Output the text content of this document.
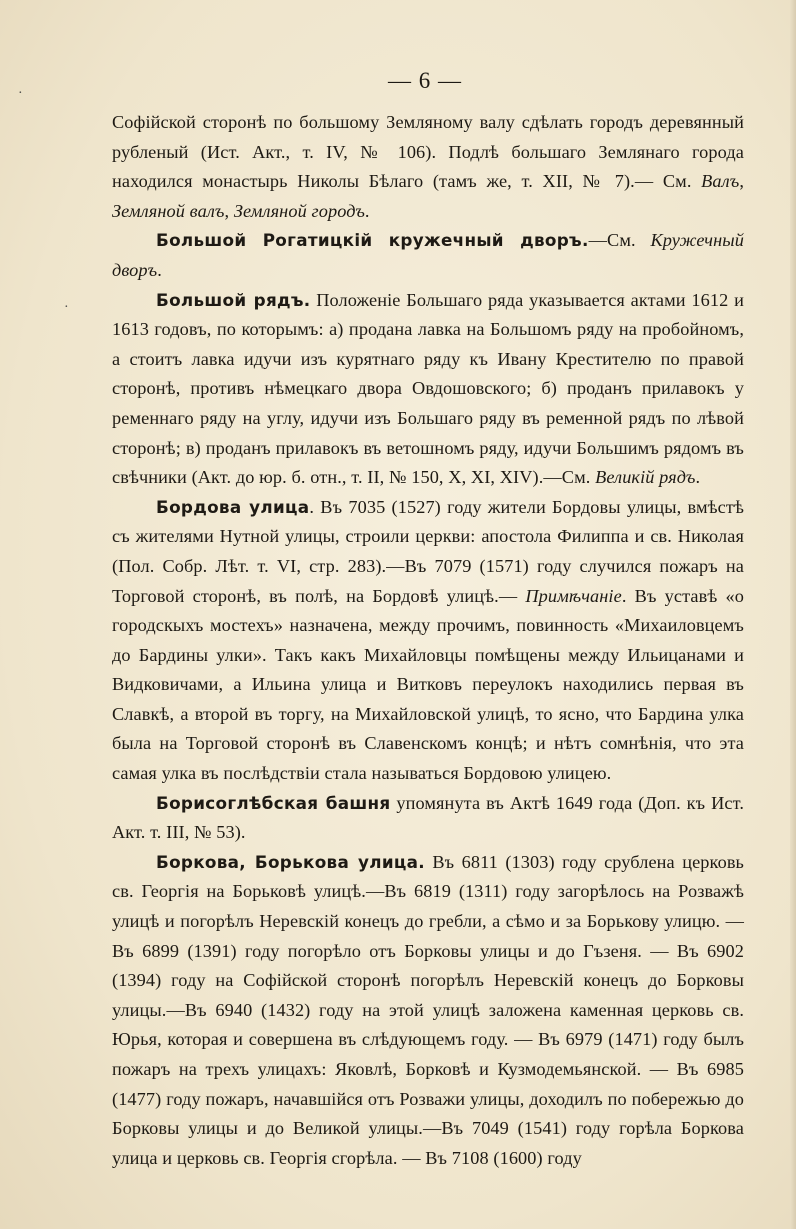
— 6 —

Софійской сторонѣ по большому Земляному валу сдѣлать городъ деревянный рубленый (Ист. Акт., т. IV, № 106). Подлѣ большаго Землянаго города находился монастырь Николы Бѣлаго (тамъ же, т. XII, № 7).— См. Валъ, Земляной валъ, Земляной городъ.

Большой Рогатицкій кружечный дворъ.—См. Кружечный дворъ.

Большой рядъ. Положеніе Большаго ряда указывается актами 1612 и 1613 годовъ, по которымъ: а) продана лавка на Большомъ ряду на пробойномъ, а стоитъ лавка идучи изъ курятнаго ряду къ Ивану Крестителю по правой сторонѣ, противъ нѣмецкаго двора Овдошовского; б) проданъ прилавокъ у ременнаго ряду на углу, идучи изъ Большаго ряду въ ременной рядъ по лѣвой сторонѣ; в) проданъ прилавокъ въ ветошномъ ряду, идучи Большимъ рядомъ въ свѣчники (Акт. до юр. б. отн., т. II, № 150, X, XI, XIV).—См. Великій рядъ.

Бордова улица. Въ 7035 (1527) году жители Бордовы улицы, вмѣстѣ съ жителями Нутной улицы, строили церкви: апостола Филиппа и св. Николая (Пол. Собр. Лѣт. т. VI, стр. 283).—Въ 7079 (1571) году случился пожаръ на Торговой сторонѣ, въ полѣ, на Бордовѣ улицѣ.— Примѣчаніе. Въ уставѣ «о городскыхъ мостехъ» назначена, между прочимъ, повинность «Михаиловцемъ до Бардины улки». Такъ какъ Михайловцы помѣщены между Ильицанами и Видковичами, а Ильина улица и Витковъ переулокъ находились первая въ Славкѣ, а второй въ торгу, на Михайловской улицѣ, то ясно, что Бардина улка была на Торговой сторонѣ въ Славенскомъ концѣ; и нѣтъ сомнѣнія, что эта самая улка въ послѣдствіи стала называться Бордовою улицею.

Борисоглѣбская башня упомянута въ Актѣ 1649 года (Доп. къ Ист. Акт. т. III, № 53).

Боркова, Борькова улица. Въ 6811 (1303) году срублена церковь св. Георгія на Борьковѣ улицѣ.—Въ 6819 (1311) году загорѣлось на Розважѣ улицѣ и погорѣлъ Неревскій конецъ до гребли, а сѣмо и за Борькову улицю. — Въ 6899 (1391) году погорѣло отъ Борковы улицы и до Гъзеня. — Въ 6902 (1394) году на Софійской сторонѣ погорѣлъ Неревскій конецъ до Борковы улицы.—Въ 6940 (1432) году на этой улицѣ заложена каменная церковь св. Юрья, которая и совершена въ слѣдующемъ году. — Въ 6979 (1471) году былъ пожаръ на трехъ улицахъ: Яковлѣ, Борковѣ и Кузмодемьянской. — Въ 6985 (1477) году пожаръ, начавшійся отъ Розважи улицы, доходилъ по побережью до Борковы улицы и до Великой улицы.—Въ 7049 (1541) году горѣла Боркова улица и церковь св. Георгія сгорѣла. — Въ 7108 (1600) году

·
·
